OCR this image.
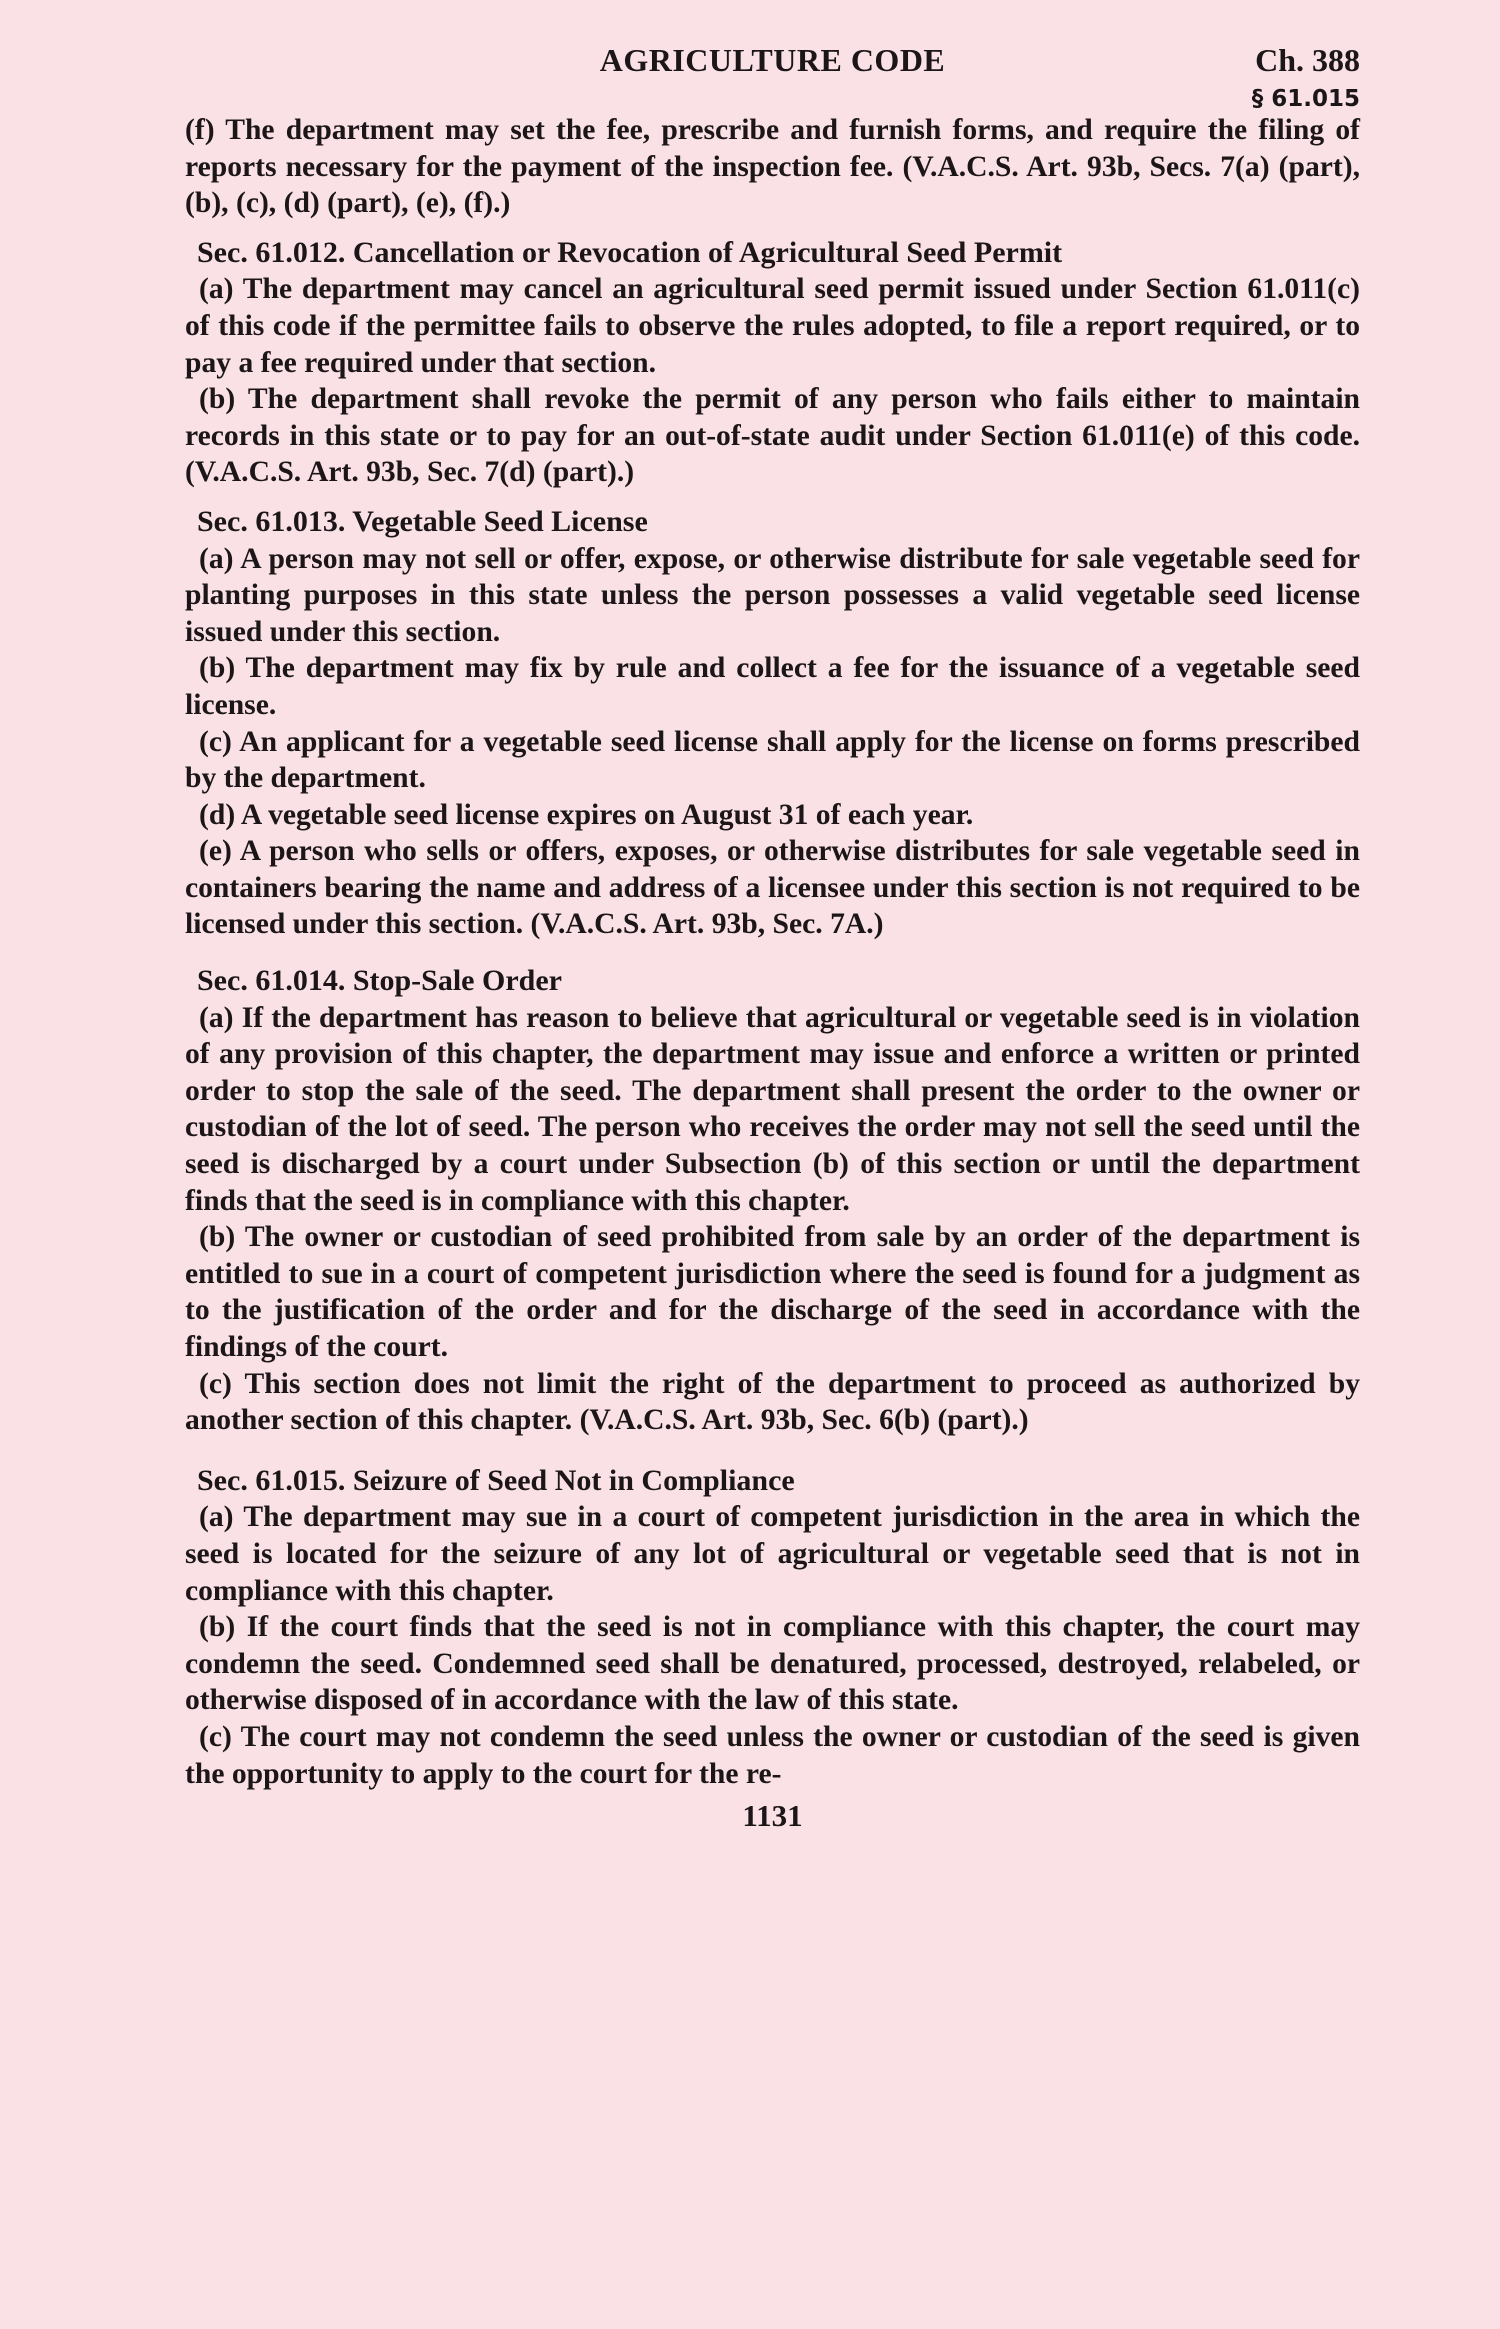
AGRICULTURE CODE	Ch. 388
§ 61.015

(f) The department may set the fee, prescribe and furnish forms, and require the filing of reports necessary for the payment of the inspection fee. (V.A.C.S. Art. 93b, Secs. 7(a) (part), (b), (c), (d) (part), (e), (f).)

Sec. 61.012. Cancellation or Revocation of Agricultural Seed Permit

(a) The department may cancel an agricultural seed permit issued under Section 61.011(c) of this code if the permittee fails to observe the rules adopted, to file a report required, or to pay a fee required under that section.

(b) The department shall revoke the permit of any person who fails either to maintain records in this state or to pay for an out-of-state audit under Section 61.011(e) of this code. (V.A.C.S. Art. 93b, Sec. 7(d) (part).)

Sec. 61.013. Vegetable Seed License

(a) A person may not sell or offer, expose, or otherwise distribute for sale vegetable seed for planting purposes in this state unless the person possesses a valid vegetable seed license issued under this section.

(b) The department may fix by rule and collect a fee for the issuance of a vegetable seed license.

(c) An applicant for a vegetable seed license shall apply for the license on forms prescribed by the department.

(d) A vegetable seed license expires on August 31 of each year.

(e) A person who sells or offers, exposes, or otherwise distributes for sale vegetable seed in containers bearing the name and address of a licensee under this section is not required to be licensed under this section. (V.A.C.S. Art. 93b, Sec. 7A.)

Sec. 61.014. Stop-Sale Order

(a) If the department has reason to believe that agricultural or vegetable seed is in violation of any provision of this chapter, the department may issue and enforce a written or printed order to stop the sale of the seed. The department shall present the order to the owner or custodian of the lot of seed. The person who receives the order may not sell the seed until the seed is discharged by a court under Subsection (b) of this section or until the department finds that the seed is in compliance with this chapter.

(b) The owner or custodian of seed prohibited from sale by an order of the department is entitled to sue in a court of competent jurisdiction where the seed is found for a judgment as to the justification of the order and for the discharge of the seed in accordance with the findings of the court.

(c) This section does not limit the right of the department to proceed as authorized by another section of this chapter. (V.A.C.S. Art. 93b, Sec. 6(b) (part).)

Sec. 61.015. Seizure of Seed Not in Compliance

(a) The department may sue in a court of competent jurisdiction in the area in which the seed is located for the seizure of any lot of agricultural or vegetable seed that is not in compliance with this chapter.

(b) If the court finds that the seed is not in compliance with this chapter, the court may condemn the seed. Condemned seed shall be denatured, processed, destroyed, relabeled, or otherwise disposed of in accordance with the law of this state.

(c) The court may not condemn the seed unless the owner or custodian of the seed is given the opportunity to apply to the court for the re-

1131
